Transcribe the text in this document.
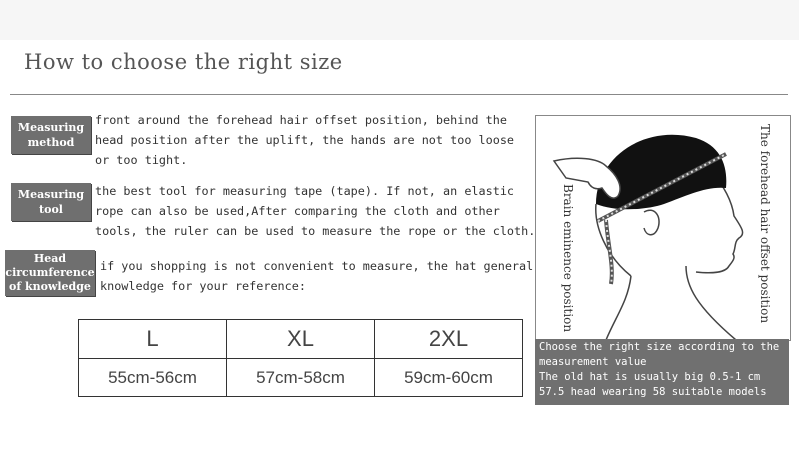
How to choose the right size
Measuring
method
front around the forehead hair offset position, behind the
head position after the uplift, the hands are not too loose
or too tight.
Measuring
tool
the best tool for measuring tape (tape). If not, an elastic
rope can also be used,After comparing the cloth and other
tools, the ruler can be used to measure the rope or the cloth.
Head
circumference
of knowledge
if you shopping is not convenient to measure, the hat general
knowledge for your reference:
L	XL	2XL
55cm-56cm	57cm-58cm	59cm-60cm
Brain eminence position	The forehead hair offset position
Choose the right size according to the
measurement value
The old hat is usually big 0.5-1 cm
57.5 head wearing 58 suitable models
